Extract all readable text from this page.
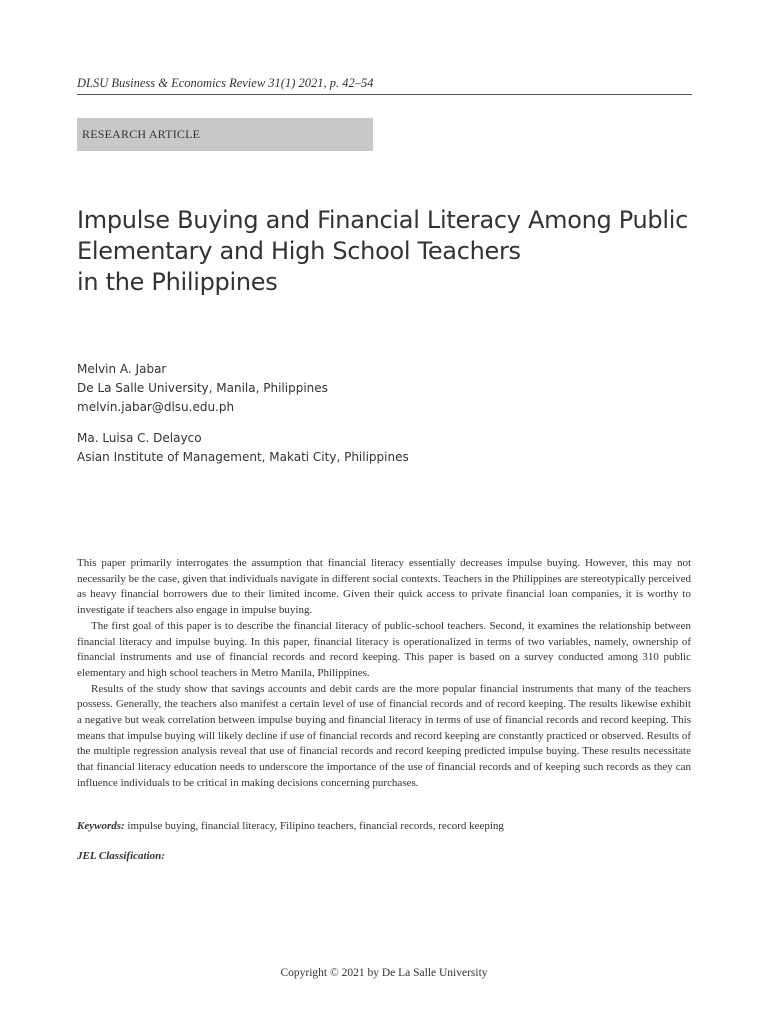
DLSU Business & Economics Review 31(1) 2021, p. 42–54
RESEARCH ARTICLE
Impulse Buying and Financial Literacy Among Public
Elementary and High School Teachers
in the Philippines
Melvin A. Jabar
De La Salle University, Manila, Philippines
melvin.jabar@dlsu.edu.ph
Ma. Luisa C. Delayco
Asian Institute of Management, Makati City, Philippines

This paper primarily interrogates the assumption that financial literacy essentially decreases impulse buying. However, this may not necessarily be the case, given that individuals navigate in different social contexts. Teachers in the Philippines are stereotypically perceived as heavy financial borrowers due to their limited income. Given their quick access to private financial loan companies, it is worthy to investigate if teachers also engage in impulse buying.

The first goal of this paper is to describe the financial literacy of public-school teachers. Second, it examines the relationship between financial literacy and impulse buying. In this paper, financial literacy is operationalized in terms of two variables, namely, ownership of financial instruments and use of financial records and record keeping. This paper is based on a survey conducted among 310 public elementary and high school teachers in Metro Manila, Philippines.

Results of the study show that savings accounts and debit cards are the more popular financial instruments that many of the teachers possess. Generally, the teachers also manifest a certain level of use of financial records and of record keeping. The results likewise exhibit a negative but weak correlation between impulse buying and financial literacy in terms of use of financial records and record keeping. This means that impulse buying will likely decline if use of financial records and record keeping are constantly practiced or observed. Results of the multiple regression analysis reveal that use of financial records and record keeping predicted impulse buying. These results necessitate that financial literacy education needs to underscore the importance of the use of financial records and of keeping such records as they can influence individuals to be critical in making decisions concerning purchases.

Keywords: impulse buying, financial literacy, Filipino teachers, financial records, record keeping
JEL Classification:
Copyright © 2021 by De La Salle University
